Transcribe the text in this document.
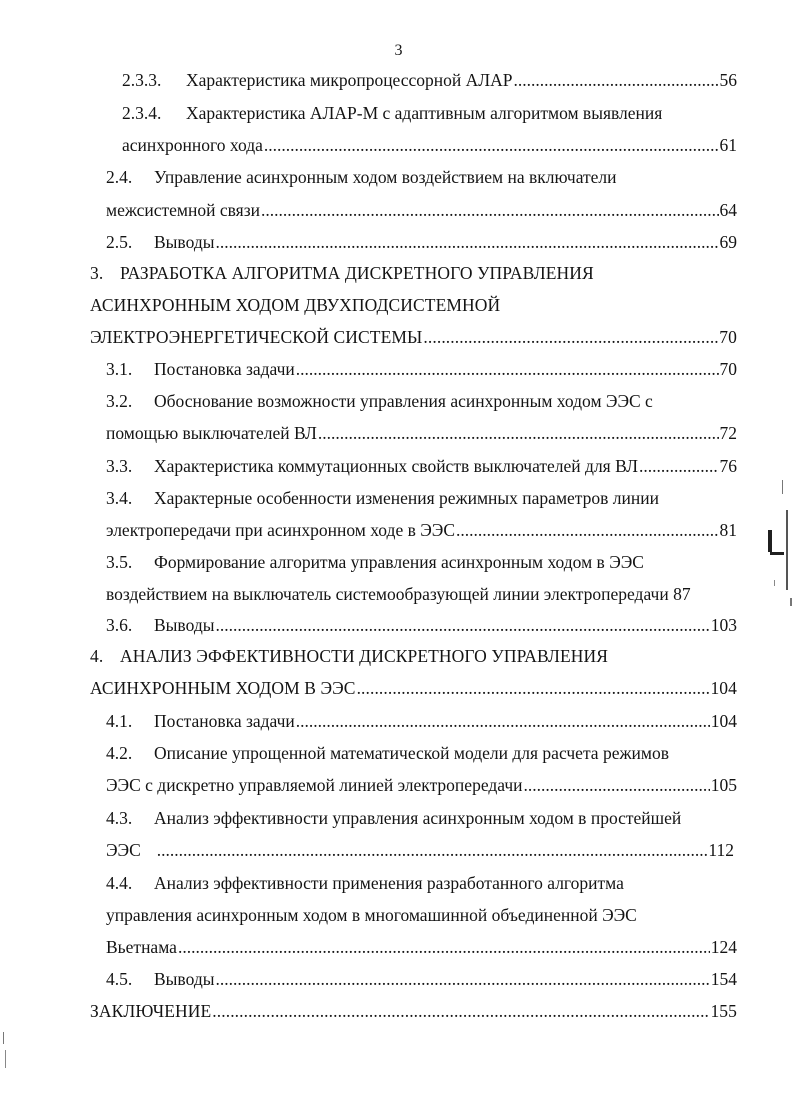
3
2.3.3. Характеристика микропроцессорной АЛАР .....	56
2.3.4. Характеристика АЛАР-М с адаптивным алгоритмом выявления
асинхронного хода .....	61
2.4. Управление асинхронным ходом воздействием на включатели
межсистемной связи .....	64
2.5. Выводы .....	69
3. РАЗРАБОТКА АЛГОРИТМА ДИСКРЕТНОГО УПРАВЛЕНИЯ
АСИНХРОННЫМ ХОДОМ ДВУХПОДСИСТЕМНОЙ
ЭЛЕКТРОЭНЕРГЕТИЧЕСКОЙ СИСТЕМЫ .....	70
3.1. Постановка задачи .....	70
3.2. Обоснование возможности управления асинхронным ходом ЭЭС с
помощью выключателей ВЛ .....	72
3.3. Характеристика коммутационных свойств выключателей для ВЛ .....	76
3.4. Характерные особенности изменения режимных параметров линии
электропередачи при асинхронном ходе в ЭЭС .....	81
3.5. Формирование алгоритма управления асинхронным ходом в ЭЭС
воздействием на выключатель системообразующей линии электропередачи 87
3.6. Выводы .....	103
4. АНАЛИЗ ЭФФЕКТИВНОСТИ ДИСКРЕТНОГО УПРАВЛЕНИЯ
АСИНХРОННЫМ ХОДОМ В ЭЭС .....	104
4.1. Постановка задачи .....	104
4.2. Описание упрощенной математической модели для расчета режимов
ЭЭС с дискретно управляемой линией электропередачи .....	105
4.3. Анализ эффективности управления асинхронным ходом в простейшей
ЭЭС .....	112
4.4. Анализ эффективности применения разработанного алгоритма
управления асинхронным ходом в многомашинной объединенной ЭЭС
Вьетнама .....	124
4.5. Выводы .....	154
ЗАКЛЮЧЕНИЕ .....	155
